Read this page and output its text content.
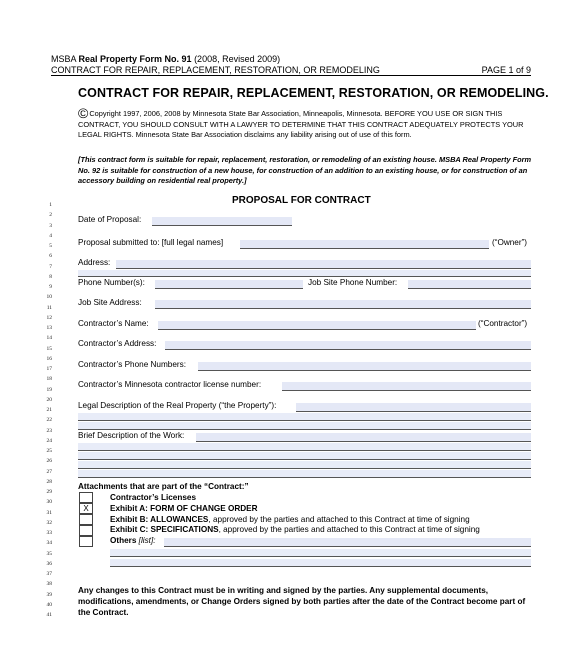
MSBA Real Property Form No. 91 (2008, Revised 2009)
CONTRACT FOR REPAIR, REPLACEMENT, RESTORATION, OR REMODELING	PAGE 1 of 9
CONTRACT FOR REPAIR, REPLACEMENT, RESTORATION, OR REMODELING.
©Copyright 1997, 2006, 2008 by Minnesota State Bar Association, Minneapolis, Minnesota. BEFORE YOU USE OR SIGN THIS CONTRACT, YOU SHOULD CONSULT WITH A LAWYER TO DETERMINE THAT THIS CONTRACT ADEQUATELY PROTECTS YOUR LEGAL RIGHTS. Minnesota State Bar Association disclaims any liability arising out of use of this form.
[This contract form is suitable for repair, replacement, restoration, or remodeling of an existing house. MSBA Real Property Form No. 92 is suitable for construction of a new house, for construction of an addition to an existing house, or for construction of an accessory building on residential real property.]
PROPOSAL FOR CONTRACT
1
2
3
4
5
6
7
8
9
10
11
12
13
14
15
16
17
18
19
20
21
22
23
24
25
26
27
28
29
30
31
32
33
34
35
36
37
38
39
40
41
Date of Proposal:
Proposal submitted to: [full legal names]	(“Owner”)
Address:
Phone Number(s):	Job Site Phone Number:
Job Site Address:
Contractor’s Name:	(“Contractor”)
Contractor’s Address:
Contractor’s Phone Numbers:
Contractor’s Minnesota contractor license number:
Legal Description of the Real Property (“the Property”):
Brief Description of the Work:
Attachments that are part of the “Contract:”
Contractor’s Licenses
X	Exhibit A: FORM OF CHANGE ORDER
Exhibit B: ALLOWANCES, approved by the parties and attached to this Contract at time of signing
Exhibit C: SPECIFICATIONS, approved by the parties and attached to this Contract at time of signing
Others [list]:
Any changes to this Contract must be in writing and signed by the parties. Any supplemental documents, modifications, amendments, or Change Orders signed by both parties after the date of the Contract become part of the Contract.
